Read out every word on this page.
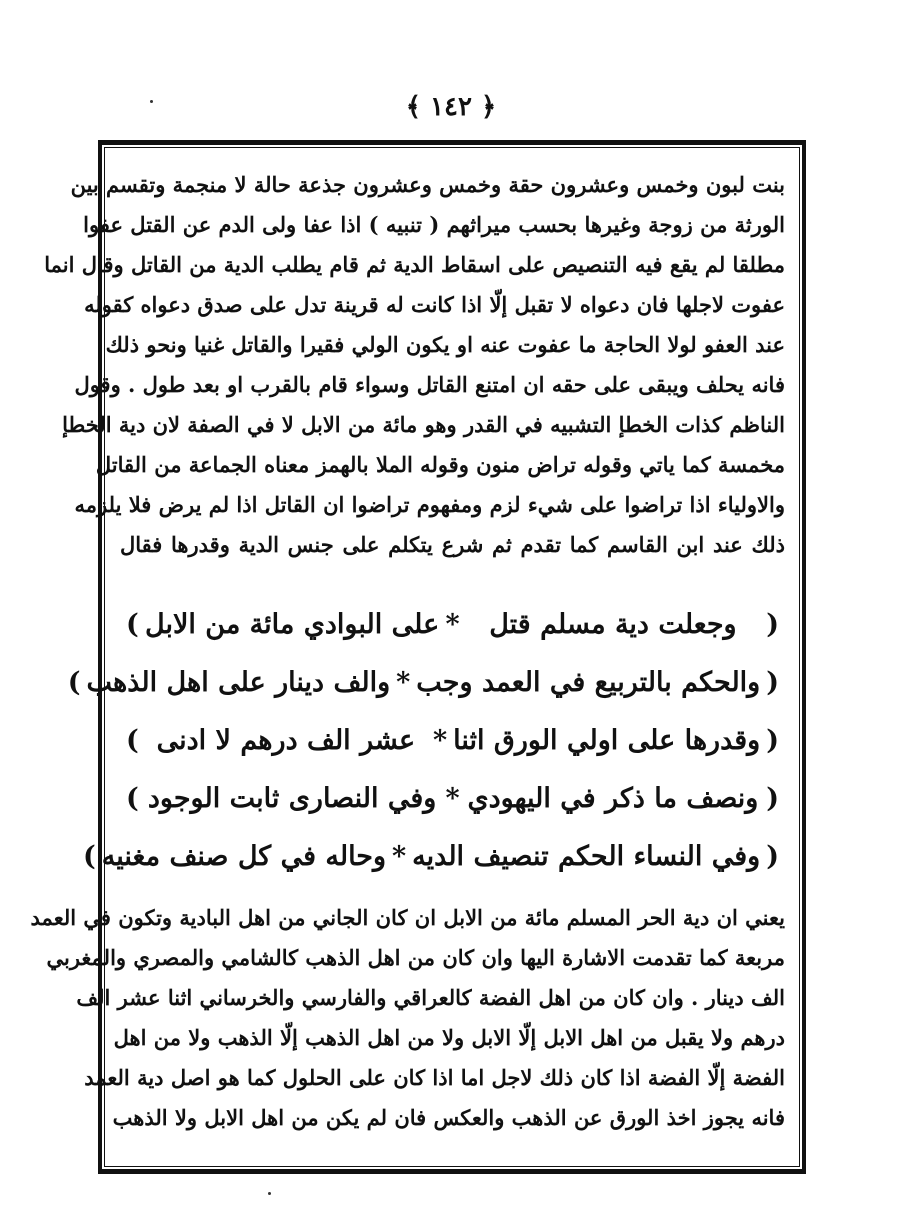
﴿ ١٤٢ ﴾
بنت لبون وخمس وعشرون حقة وخمس وعشرون جذعة حالة لا منجمة وتقسم بين
الورثة من زوجة وغيرها بحسب ميراثهم ( تنبيه ) اذا عفا ولى الدم عن القتل عفوا
مطلقا لم يقع فيه التنصيص على اسقاط الدية ثم قام يطلب الدية من القاتل وقال انما
عفوت لاجلها فان دعواه لا تقبل إلّا اذا كانت له قرينة تدل على صدق دعواه كقوله
عند العفو لولا الحاجة ما عفوت عنه او يكون الولي فقيرا والقاتل غنيا ونحو ذلك
فانه يحلف ويبقى على حقه ان امتنع القاتل وسواء قام بالقرب او بعد طول . وقول
الناظم كذات الخطإ التشبيه في القدر وهو مائة من الابل لا في الصفة لان دية الخطإ
مخمسة كما ياتي وقوله تراض منون وقوله الملا بالهمز معناه الجماعة من القاتل
والاولياء اذا تراضوا على شيء لزم ومفهوم تراضوا ان القاتل اذا لم يرض فلا يلزمه
ذلك عند ابن القاسم كما تقدم ثم شرع يتكلم على جنس الدية وقدرها فقال
(
وجعلت دية مسلم قتل
*
على البوادي مائة من الابل
)
(
والحكم بالتربيع في العمد وجب
*
والف دينار على اهل الذهب
)
(
وقدرها على اولي الورق اثنا
*
عشر الف درهم لا ادنى
)
(
ونصف ما ذكر في اليهودي
*
وفي النصارى ثابت الوجود
)
(
وفي النساء الحكم تنصيف الديه
*
وحاله في كل صنف مغنيه
)
يعني ان دية الحر المسلم مائة من الابل ان كان الجاني من اهل البادية وتكون في العمد
مربعة كما تقدمت الاشارة اليها وان كان من اهل الذهب كالشامي والمصري والمغربي
الف دينار . وان كان من اهل الفضة كالعراقي والفارسي والخرساني اثنا عشر الف
درهم ولا يقبل من اهل الابل إلّا الابل ولا من اهل الذهب إلّا الذهب ولا من اهل
الفضة إلّا الفضة اذا كان ذلك لاجل اما اذا كان على الحلول كما هو اصل دية العمد
فانه يجوز اخذ الورق عن الذهب والعكس فان لم يكن من اهل الابل ولا الذهب
